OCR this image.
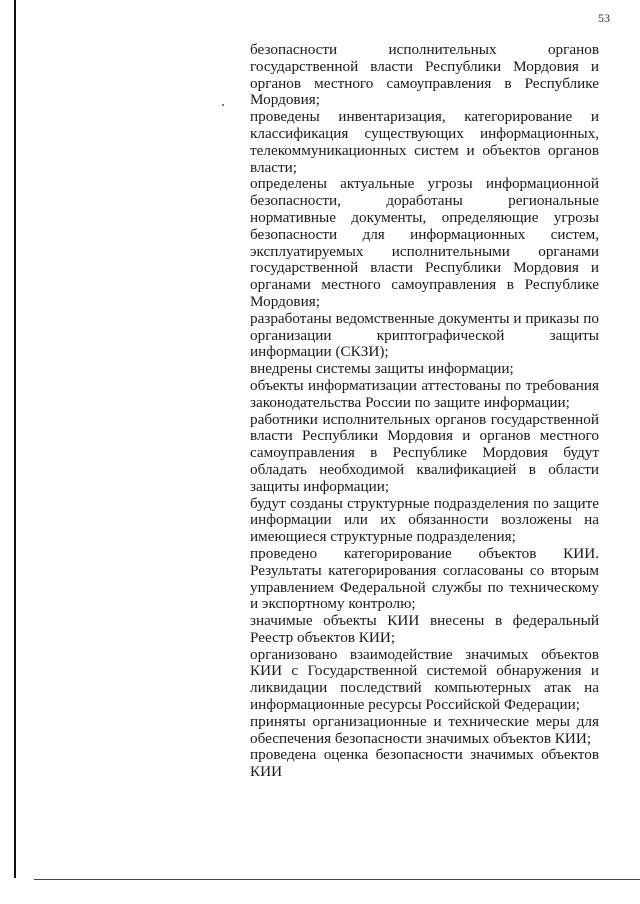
53
безопасности исполнительных органов
государственной власти Республики Мордовия и
органов местного самоуправления в Республике
Мордовия;
проведены инвентаризация, категорирование и
классификация существующих информационных,
телекоммуникационных систем и объектов органов
власти;
определены актуальные угрозы информационной
безопасности, доработаны региональные
нормативные документы, определяющие угрозы
безопасности для информационных систем,
эксплуатируемых исполнительными органами
государственной власти Республики Мордовия и
органами местного самоуправления в Республике
Мордовия;
разработаны ведомственные документы и приказы по
организации криптографической защиты
информации (СКЗИ);
внедрены системы защиты информации;
объекты информатизации аттестованы по требования
законодательства России по защите информации;
работники исполнительных органов государственной
власти Республики Мордовия и органов местного
самоуправления в Республике Мордовия будут
обладать необходимой квалификацией в области
защиты информации;
будут созданы структурные подразделения по защите
информации или их обязанности возложены на
имеющиеся структурные подразделения;
проведено категорирование объектов КИИ.
Результаты категорирования согласованы со вторым
управлением Федеральной службы по техническому
и экспортному контролю;
значимые объекты КИИ внесены в федеральный
Реестр объектов КИИ;
организовано взаимодействие значимых объектов
КИИ с Государственной системой обнаружения и
ликвидации последствий компьютерных атак на
информационные ресурсы Российской Федерации;
приняты организационные и технические меры для
обеспечения безопасности значимых объектов КИИ;
проведена оценка безопасности значимых объектов
КИИ
